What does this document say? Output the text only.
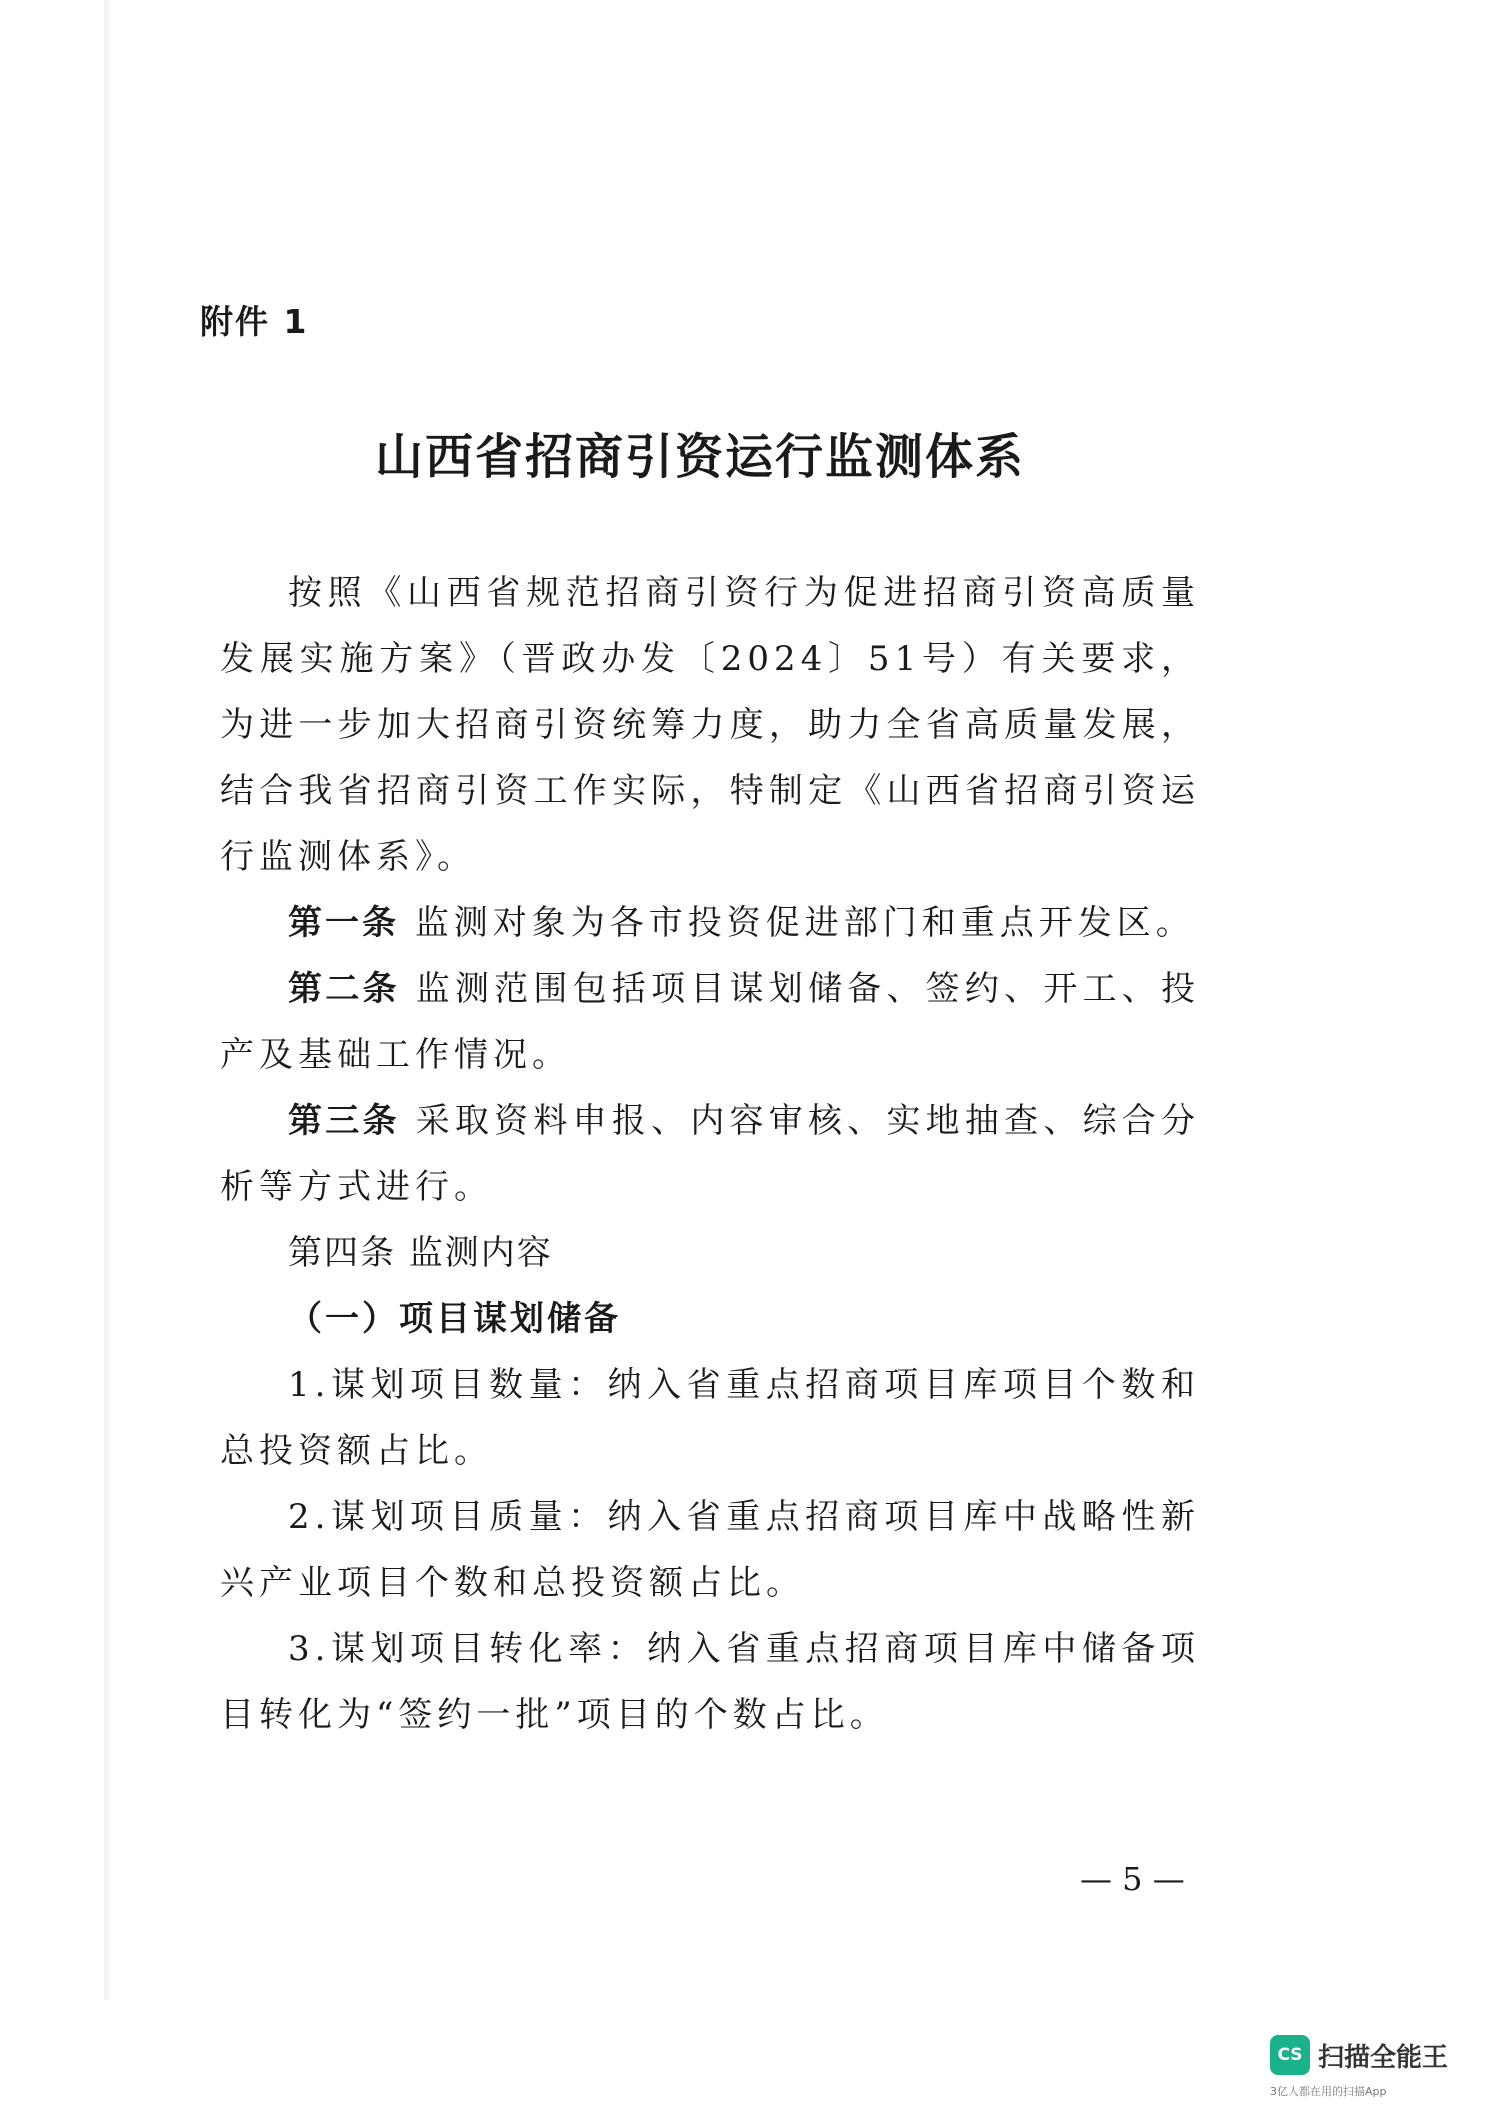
附件 1
山西省招商引资运行监测体系

按照《山西省规范招商引资行为促进招商引资高质量发展实施方案》（晋政办发〔2024〕51号）有关要求，为进一步加大招商引资统筹力度，助力全省高质量发展，结合我省招商引资工作实际，特制定《山西省招商引资运行监测体系》。

第一条 监测对象为各市投资促进部门和重点开发区。

第二条 监测范围包括项目谋划储备、签约、开工、投产及基础工作情况。

第三条 采取资料申报、内容审核、实地抽查、综合分析等方式进行。

第四条 监测内容

（一）项目谋划储备

1.谋划项目数量：纳入省重点招商项目库项目个数和总投资额占比。

2.谋划项目质量：纳入省重点招商项目库中战略性新兴产业项目个数和总投资额占比。

3.谋划项目转化率：纳入省重点招商项目库中储备项目转化为“签约一批”项目的个数占比。

— 5 —
CS 扫描全能王
3亿人都在用的扫描App
